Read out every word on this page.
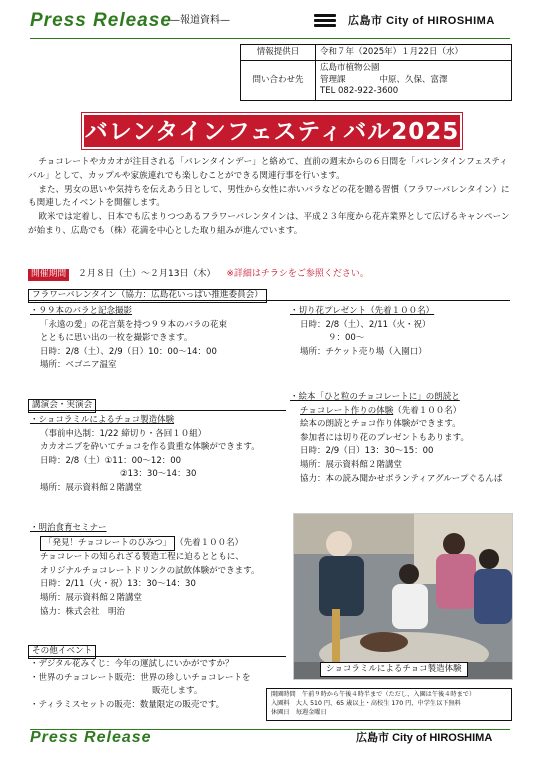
Press Release
—報道資料—	広島市 City of HIROSHIMA
情報提供日	令和７年（2025年）１月22日（水）
問い合わせ先	広島市植物公園
管理課　　　　中原、久保、富澤
TEL 082-922-3600
バレンタインフェスティバル2025

チョコレートやカカオが注目される「バレンタインデー」と絡めて、直前の週末からの６日間を「バレンタインフェスティバル」として、カップルや家族連れでも楽しむことができる関連行事を行います。

また、男女の思いや気持ちを伝えあう日として、男性から女性に赤いバラなどの花を贈る習慣（フラワーバレンタイン）にも関連したイベントを開催します。

欧米では定着し、日本でも広まりつつあるフラワーバレンタインは、平成２３年度から花卉業界として広げるキャンペーンが始まり、広島でも（株）花満を中心とした取り組みが進んでいます。

開催期間	２月８日（土）～２月13日（木） ※詳細はチラシをご参照ください。
フラワーバレンタイン（協力：広島花いっぱい推進委員会）
・９９本のバラと記念撮影
「永遠の愛」の花言葉を持つ９９本のバラの花束
とともに思い出の一枚を撮影できます。
日時：2/8（土）、2/9（日）10：00～14：00
場所：ベゴニア温室
・切り花プレゼント（先着１００名）
日時：2/8（土）、2/11（火・祝）
９：00～
場所：チケット売り場（入園口）
講演会・実演会
・ショコラミルによるチョコ製造体験
（事前申込制：1/22 締切り・各回１０組）
カカオニブを砕いてチョコを作る貴重な体験ができます。
日時：2/8（土）①11：00～12：00
②13：30～14：30
場所：展示資料館２階講堂
・明治食育セミナー
「発見！チョコレートのひみつ」 （先着１００名）
チョコレートの知られざる製造工程に迫るとともに、
オリジナルチョコレートドリンクの試飲体験ができます。
日時：2/11（火・祝）13：30～14：30
場所：展示資料館２階講堂
協力：株式会社　明治
・絵本「ひと粒のチョコレートに」の朗読と
チョコレート作りの体験（先着１００名）
絵本の朗読とチョコ作り体験ができます。
参加者には切り花のプレゼントもあります。
日時：2/9（日）13：30～15：00
場所：展示資料館２階講堂
協力：本の読み聞かせボランティアグループぐるんぱ
ショコラミルによるチョコ製造体験
その他イベント
・デジタル花みくじ：今年の運試しにいかがですか？
・世界のチョコレート販売：世界の珍しいチョコレートを
販売します。
・ティラミスセットの販売：数量限定の販売です。
開園時間　午前９時から午後４時半まで（ただし、入園は午後４時まで）
入園料　大人 510 円、65 歳以上・高校生 170 円、中学生以下無料
休園日　毎週金曜日
Press Release	広島市 City of HIROSHIMA
